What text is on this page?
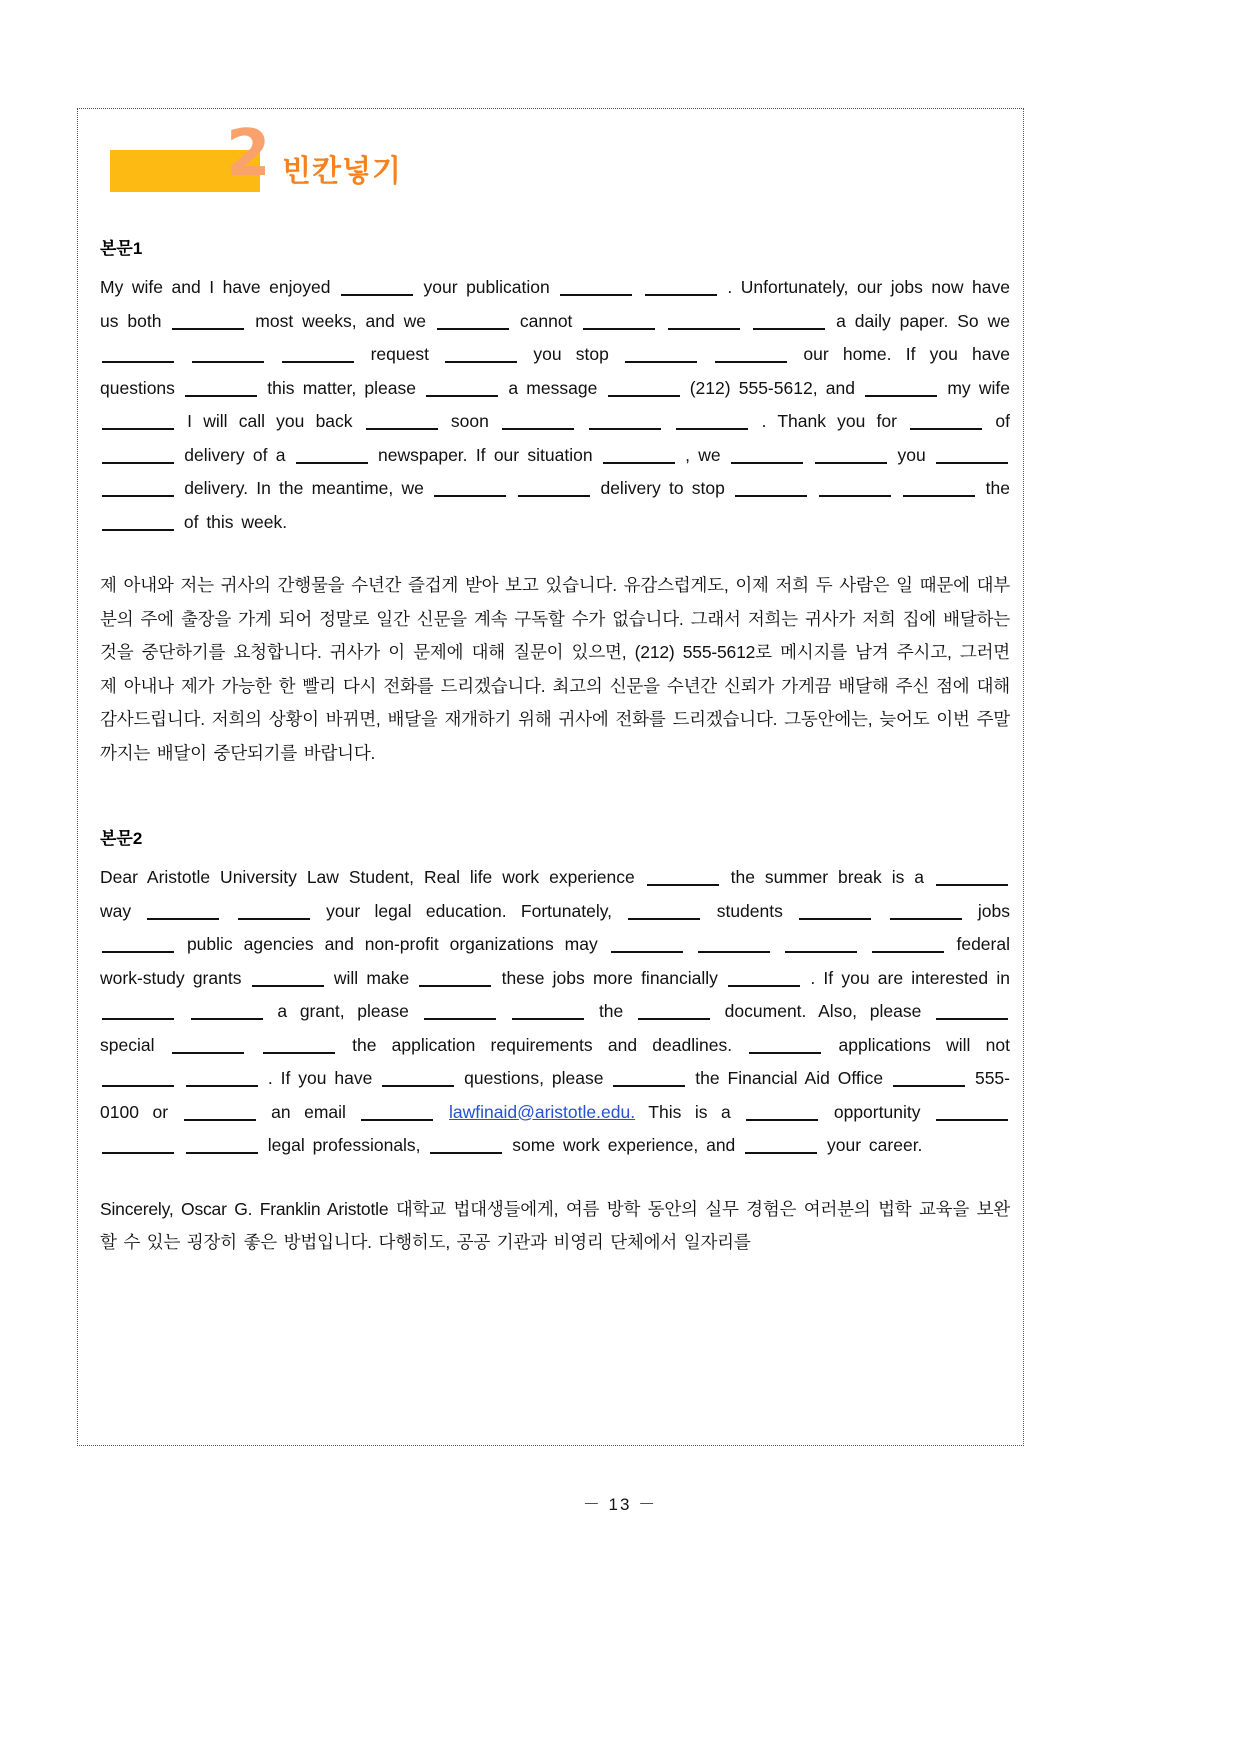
2 빈칸넣기
본문1

My wife and I have enjoyed	your publication	. Unfortunately, our jobs now have us both	most weeks, and we	cannot	a daily paper. So we    request	you stop	our home. If you have questions	this matter, please	a message	(212) 555-5612, and	my wife  I will call you back	soon	. Thank you for	of  delivery of a	newspaper. If our situation	, we	you   delivery. In the meantime, we	delivery to stop	the  of this week.

제 아내와 저는 귀사의 간행물을 수년간 즐겁게 받아 보고 있습니다. 유감스럽게도, 이제 저희 두 사람은 일 때문에 대부분의 주에 출장을 가게 되어 정말로 일간 신문을 계속 구독할 수가 없습니다. 그래서 저희는 귀사가 저희 집에 배달하는 것을 중단하기를 요청합니다. 귀사가 이 문제에 대해 질문이 있으면, (212) 555-5612로 메시지를 남겨 주시고, 그러면 제 아내나 제가 가능한 한 빨리 다시 전화를 드리겠습니다. 최고의 신문을 수년간 신뢰가 가게끔 배달해 주신 점에 대해 감사드립니다. 저희의 상황이 바뀌면, 배달을 재개하기 위해 귀사에 전화를 드리겠습니다. 그동안에는, 늦어도 이번 주말까지는 배달이 중단되기를 바랍니다.

본문2

Dear Aristotle University Law Student, Real life work experience	the summer break is a  way	your legal education. Fortunately,	students	jobs  public agencies and non-profit organizations may	federal work-study grants	will make	these jobs more financially	. If you are interested in   a grant, please	the	document. Also, please  special	the application requirements and deadlines.	applications will not   . If you have	questions, please	the Financial Aid Office	555-0100 or	an email	lawfinaid@aristotle.edu. This is a	opportunity    legal professionals,	some work experience, and	your career.

Sincerely, Oscar G. Franklin Aristotle 대학교 법대생들에게, 여름 방학 동안의 실무 경험은 여러분의 법학 교육을 보완할 수 있는 굉장히 좋은 방법입니다. 다행히도, 공공 기관과 비영리 단체에서 일자리를

－ 13 －
